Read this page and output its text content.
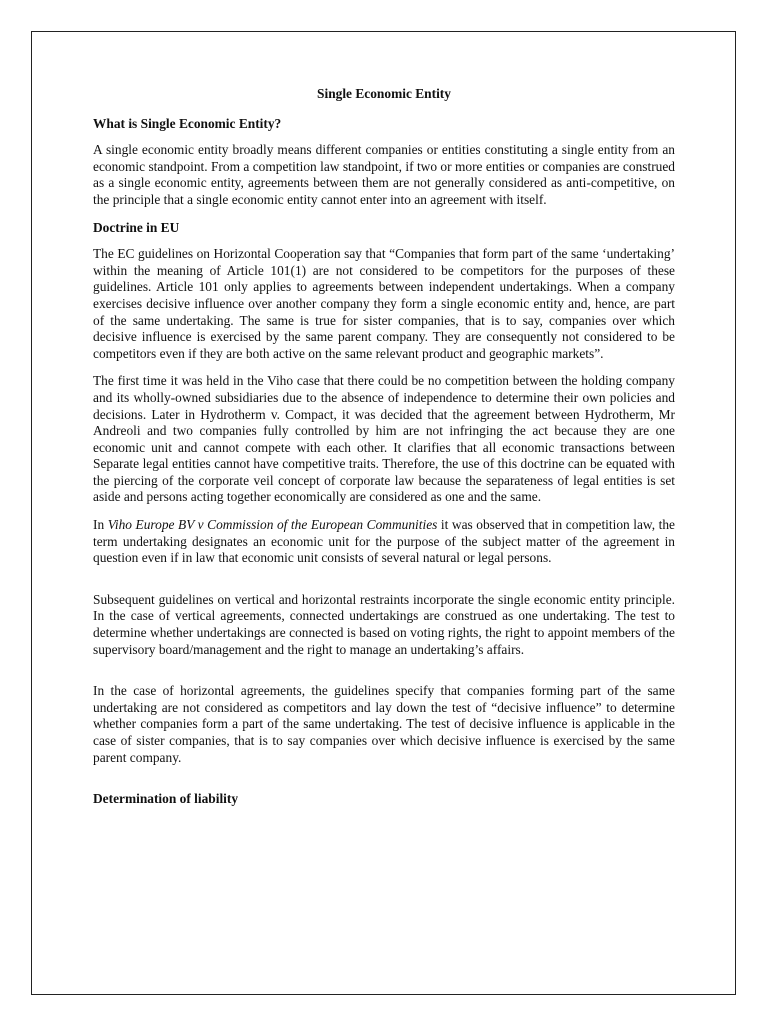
Single Economic Entity
What is Single Economic Entity?

A single economic entity broadly means different companies or entities constituting a single entity from an economic standpoint. From a competition law standpoint, if two or more entities or companies are construed as a single economic entity, agreements between them are not generally considered as anti-competitive, on the principle that a single economic entity cannot enter into an agreement with itself.

Doctrine in EU

The EC guidelines on Horizontal Cooperation say that “Companies that form part of the same ‘undertaking’ within the meaning of Article 101(1) are not considered to be competitors for the purposes of these guidelines. Article 101 only applies to agreements between independent undertakings. When a company exercises decisive influence over another company they form a single economic entity and, hence, are part of the same undertaking. The same is true for sister companies, that is to say, companies over which decisive influence is exercised by the same parent company. They are consequently not considered to be competitors even if they are both active on the same relevant product and geographic markets”.

The first time it was held in the Viho case that there could be no competition between the holding company and its wholly-owned subsidiaries due to the absence of independence to determine their own policies and decisions. Later in Hydrotherm v. Compact, it was decided that the agreement between Hydrotherm, Mr Andreoli and two companies fully controlled by him are not infringing the act because they are one economic unit and cannot compete with each other. It clarifies that all economic transactions between Separate legal entities cannot have competitive traits. Therefore, the use of this doctrine can be equated with the piercing of the corporate veil concept of corporate law because the separateness of legal entities is set aside and persons acting together economically are considered as one and the same.

In Viho Europe BV v Commission of the European Communities it was observed that in competition law, the term undertaking designates an economic unit for the purpose of the subject matter of the agreement in question even if in law that economic unit consists of several natural or legal persons.

Subsequent guidelines on vertical and horizontal restraints incorporate the single economic entity principle. In the case of vertical agreements, connected undertakings are construed as one undertaking. The test to determine whether undertakings are connected is based on voting rights, the right to appoint members of the supervisory board/management and the right to manage an undertaking’s affairs.

In the case of horizontal agreements, the guidelines specify that companies forming part of the same undertaking are not considered as competitors and lay down the test of “decisive influence” to determine whether companies form a part of the same undertaking. The test of decisive influence is applicable in the case of sister companies, that is to say companies over which decisive influence is exercised by the same parent company.

Determination of liability
